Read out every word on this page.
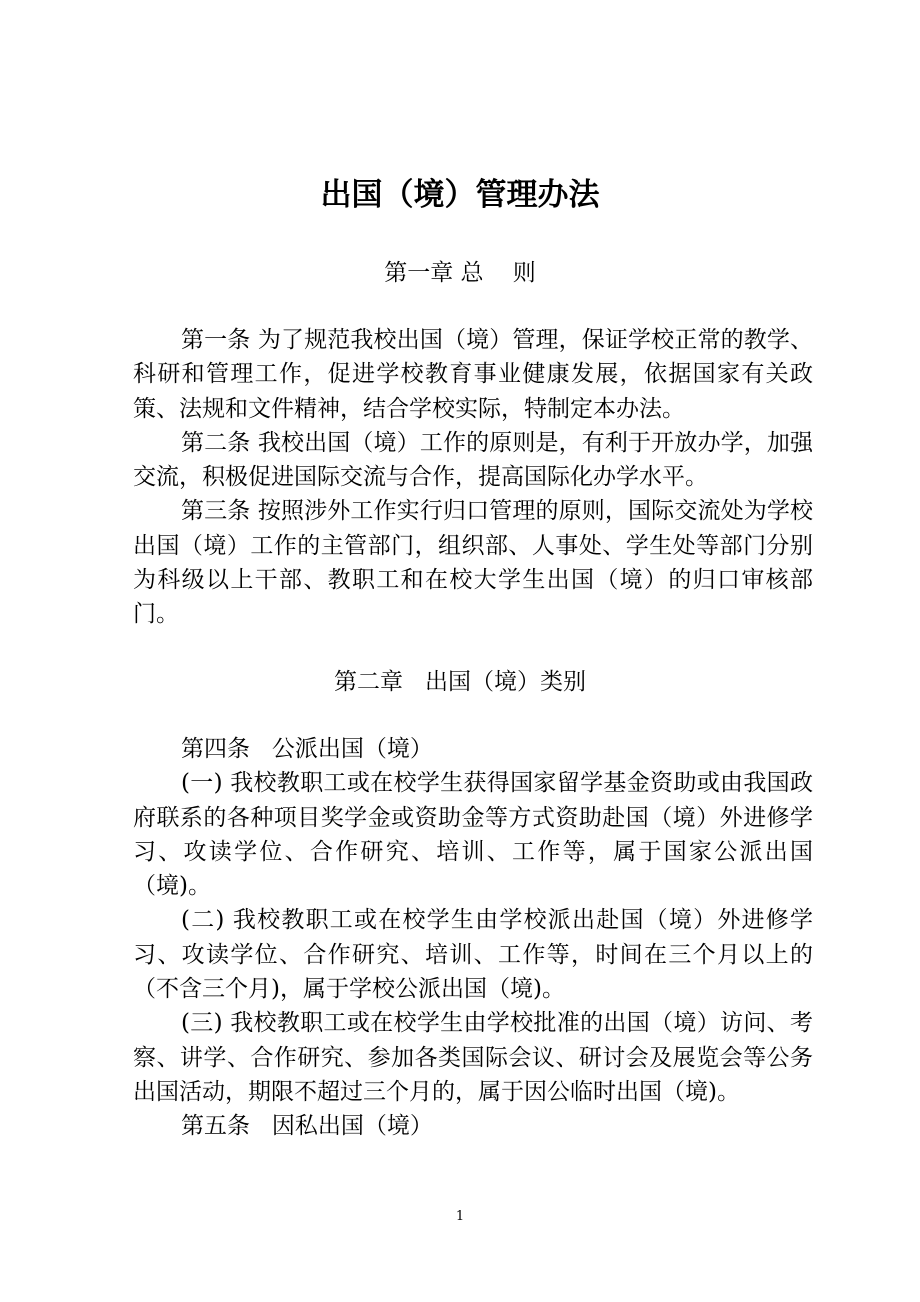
出国（境）管理办法

第一章 总    则

第一条 为了规范我校出国（境）管理，保证学校正常的教学、科研和管理工作，促进学校教育事业健康发展，依据国家有关政策、法规和文件精神，结合学校实际，特制定本办法。

第二条 我校出国（境）工作的原则是，有利于开放办学，加强交流，积极促进国际交流与合作，提高国际化办学水平。

第三条 按照涉外工作实行归口管理的原则，国际交流处为学校出国（境）工作的主管部门，组织部、人事处、学生处等部门分别为科级以上干部、教职工和在校大学生出国（境）的归口审核部门。

第二章   出国（境）类别

第四条   公派出国（境）

(一) 我校教职工或在校学生获得国家留学基金资助或由我国政府联系的各种项目奖学金或资助金等方式资助赴国（境）外进修学习、攻读学位、合作研究、培训、工作等，属于国家公派出国（境)。

(二) 我校教职工或在校学生由学校派出赴国（境）外进修学习、攻读学位、合作研究、培训、工作等，时间在三个月以上的（不含三个月)，属于学校公派出国（境)。

(三) 我校教职工或在校学生由学校批准的出国（境）访问、考察、讲学、合作研究、参加各类国际会议、研讨会及展览会等公务出国活动，期限不超过三个月的，属于因公临时出国（境)。

第五条   因私出国（境）

1
